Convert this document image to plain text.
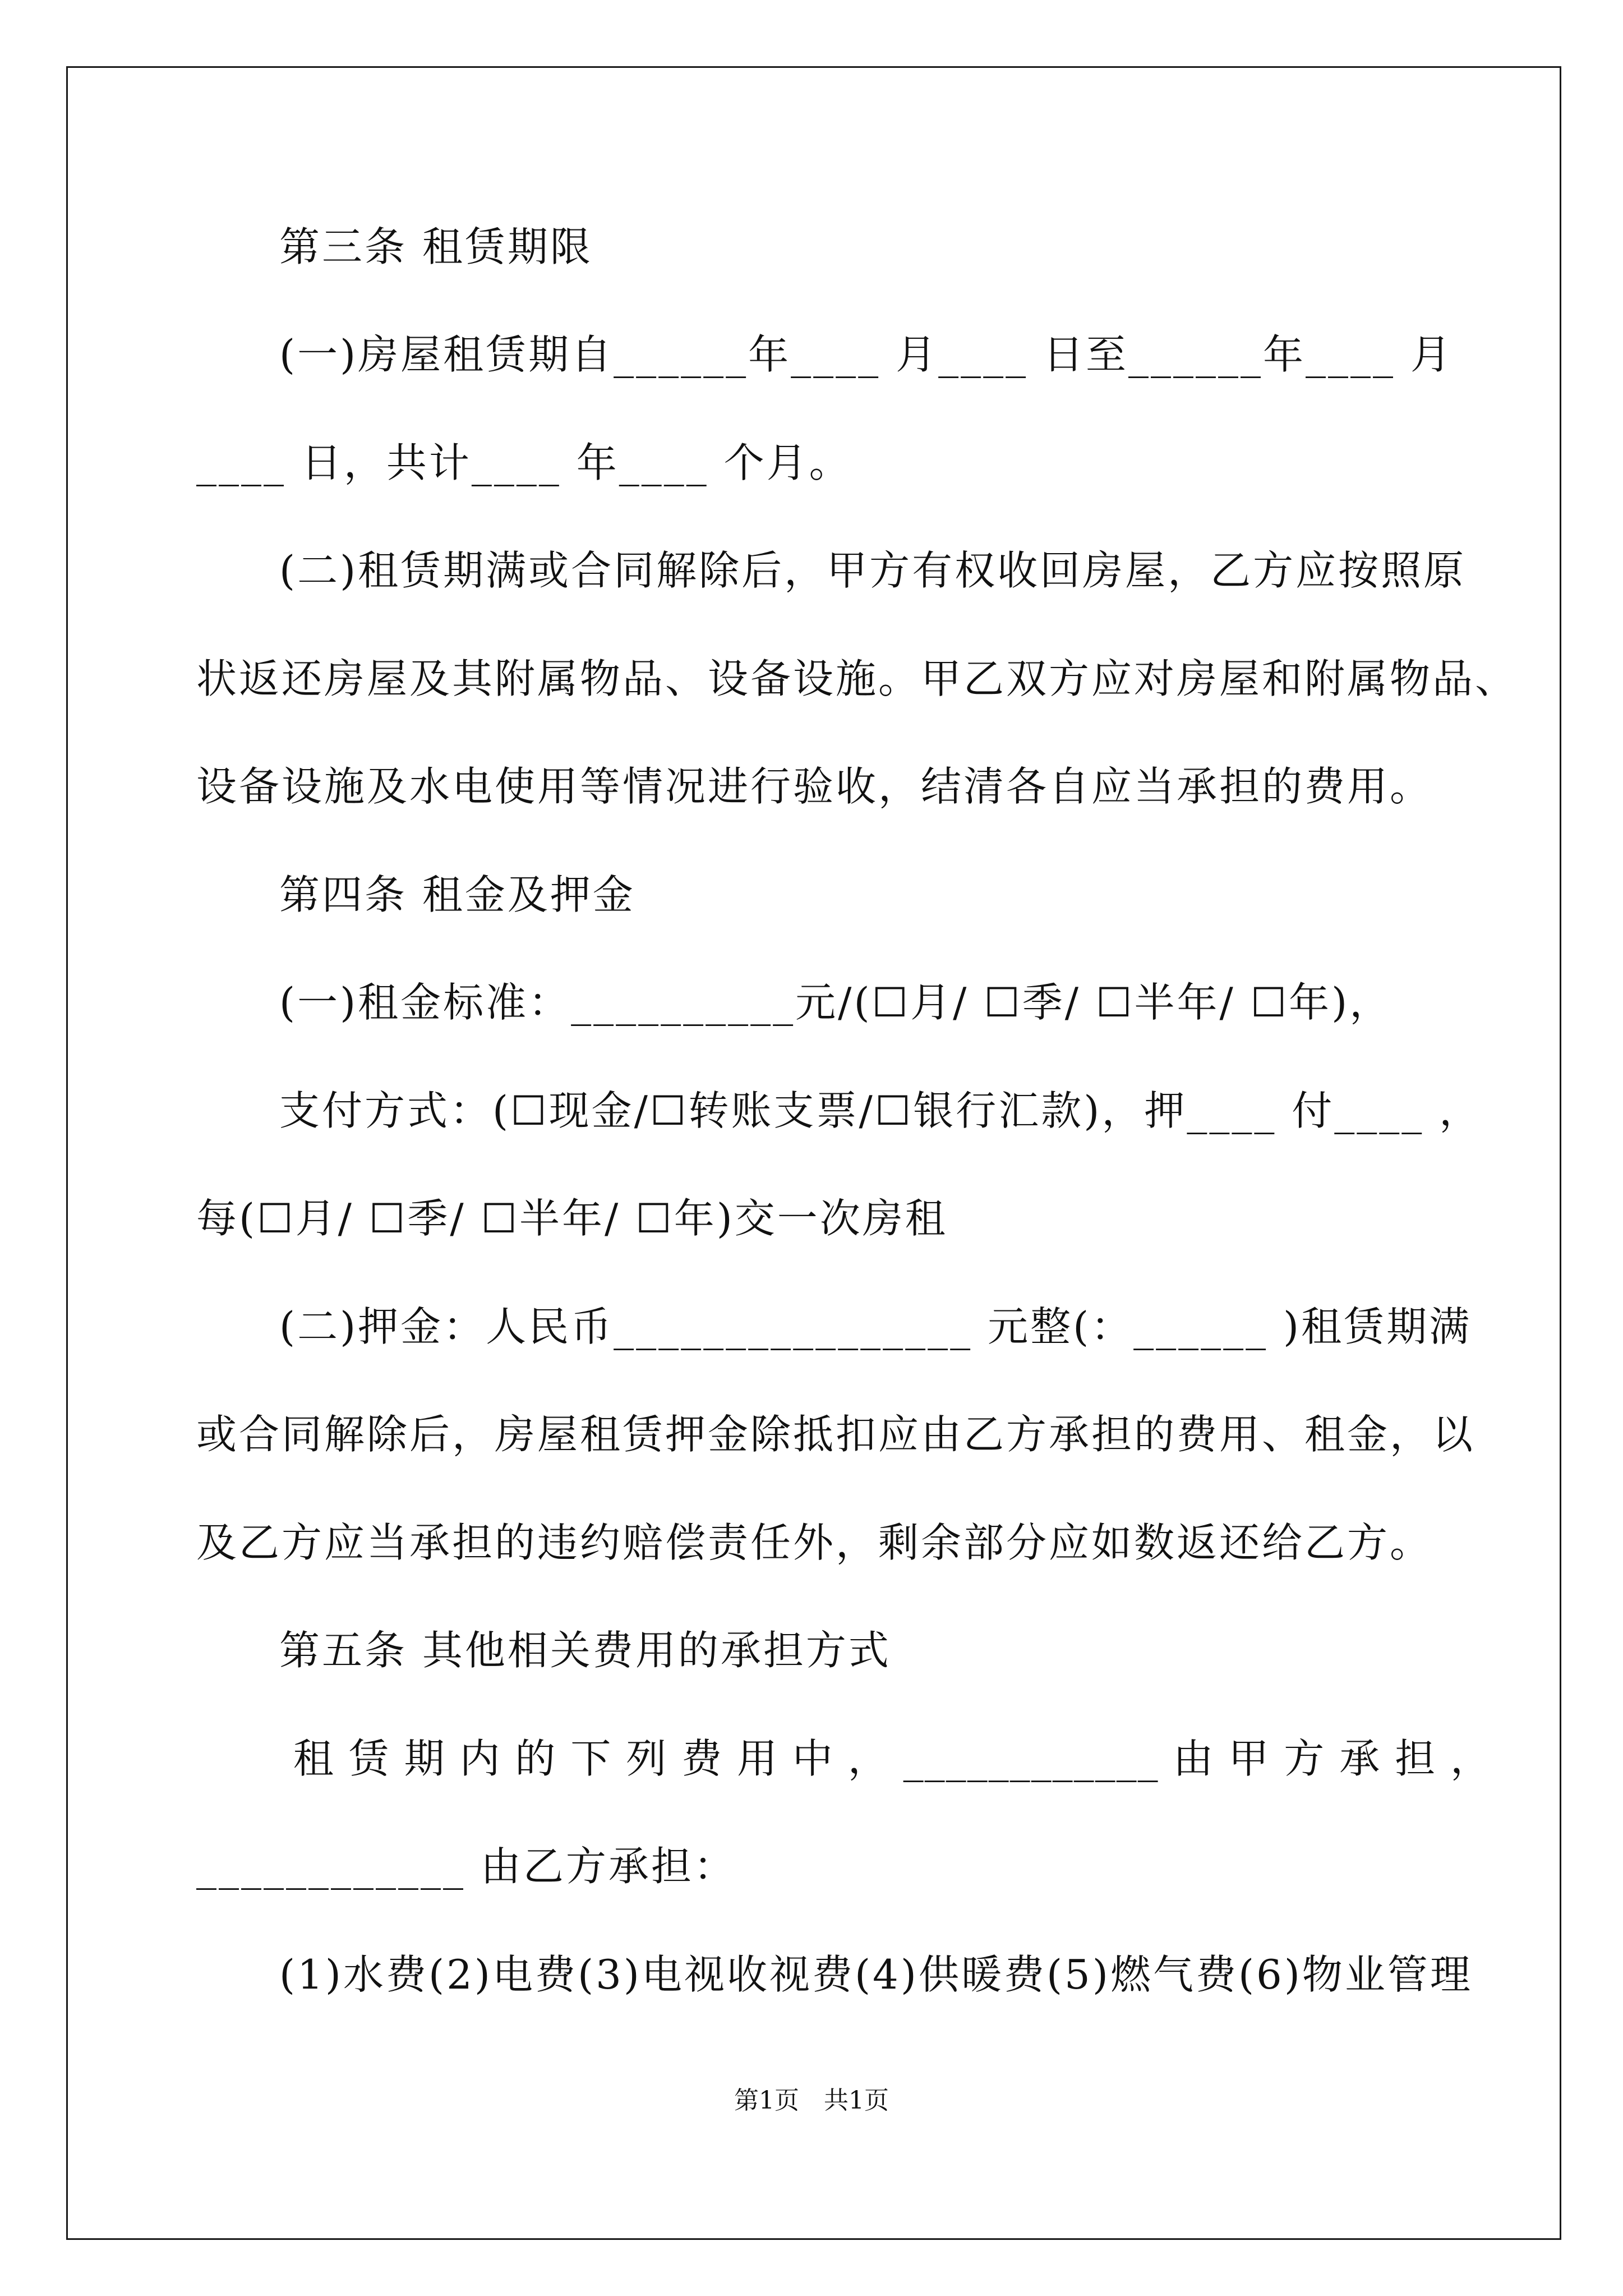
第三条 租赁期限
(一)房屋租赁期自______年____ 月____ 日至______年____ 月
____ 日，共计____ 年____ 个月。
(二)租赁期满或合同解除后，甲方有权收回房屋，乙方应按照原
状返还房屋及其附属物品、设备设施。甲乙双方应对房屋和附属物品、
设备设施及水电使用等情况进行验收，结清各自应当承担的费用。
第四条 租金及押金
(一)租金标准：__________元/(☐月/ ☐季/ ☐半年/ ☐年)，
支付方式：(☐现金/☐转账支票/☐银行汇款)，押____ 付____ ，
每(☐月/ ☐季/ ☐半年/ ☐年)交一次房租
(二)押金：人民币________________ 元整(：______ )租赁期满
或合同解除后，房屋租赁押金除抵扣应由乙方承担的费用、租金，以
及乙方应当承担的违约赔偿责任外，剩余部分应如数返还给乙方。
第五条 其他相关费用的承担方式
租 赁 期 内 的 下 列 费 用 中 ， ____________ 由 甲 方 承 担 ，
____________ 由乙方承担：
(1)水费(2)电费(3)电视收视费(4)供暖费(5)燃气费(6)物业管理
第1页　共1页
